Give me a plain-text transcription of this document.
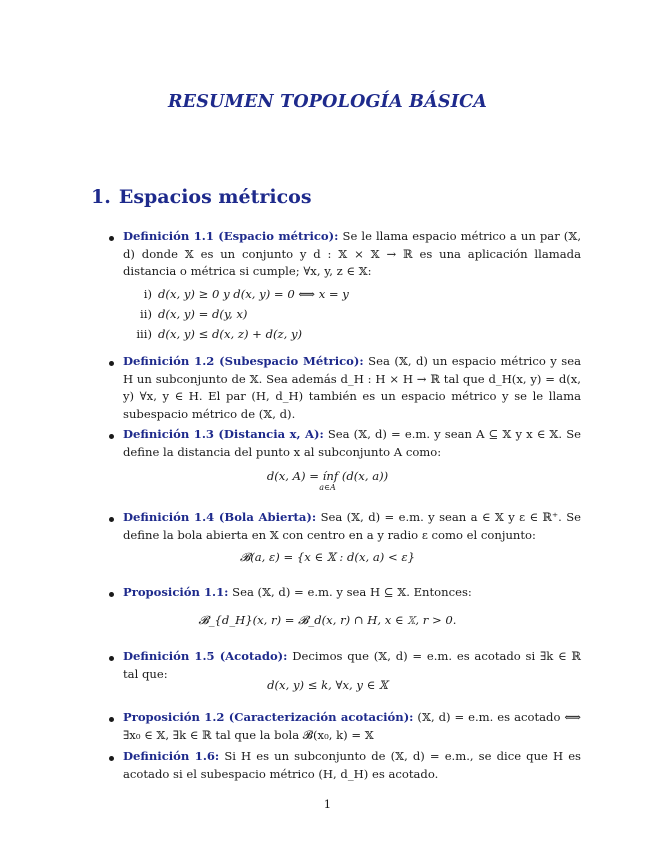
RESUMEN TOPOLOGÍA BÁSICA
1. Espacios métricos
Definición 1.1 (Espacio métrico): Se le llama espacio métrico a un par (𝕏, d) donde 𝕏 es un conjunto y d : 𝕏 × 𝕏 → ℝ es una aplicación llamada distancia o métrica si cumple; ∀x, y, z ∈ 𝕏:
i) d(x, y) ≥ 0 y d(x, y) = 0 ⟺ x = y
ii) d(x, y) = d(y, x)
iii) d(x, y) ≤ d(x, z) + d(z, y)
Definición 1.2 (Subespacio Métrico): Sea (𝕏, d) un espacio métrico y sea H un subconjunto de 𝕏. Sea además d_H : H × H → ℝ tal que d_H(x, y) = d(x, y) ∀x, y ∈ H. El par (H, d_H) también es un espacio métrico y se le llama subespacio métrico de (𝕏, d).
Definición 1.3 (Distancia x, A): Sea (𝕏, d) = e.m. y sean A ⊆ 𝕏 y x ∈ 𝕏. Se define la distancia del punto x al subconjunto A como:
d(x, A) = ínf (d(x, a))
a∈A
Definición 1.4 (Bola Abierta): Sea (𝕏, d) = e.m. y sean a ∈ 𝕏 y ε ∈ ℝ⁺. Se define la bola abierta en 𝕏 con centro en a y radio ε como el conjunto:
𝓑(a, ε) = {x ∈ 𝕏 : d(x, a) < ε}
Proposición 1.1: Sea (𝕏, d) = e.m. y sea H ⊆ 𝕏. Entonces:
𝓑_{d_H}(x, r) = 𝓑_d(x, r) ∩ H, x ∈ 𝕏, r > 0.
Definición 1.5 (Acotado): Decimos que (𝕏, d) = e.m. es acotado si ∃k ∈ ℝ tal que:
d(x, y) ≤ k, ∀x, y ∈ 𝕏
Proposición 1.2 (Caracterización acotación): (𝕏, d) = e.m. es acotado ⟺ ∃x₀ ∈ 𝕏, ∃k ∈ ℝ tal que la bola 𝓑(x₀, k) = 𝕏
Definición 1.6: Si H es un subconjunto de (𝕏, d) = e.m., se dice que H es acotado si el subespacio métrico (H, d_H) es acotado.
1
